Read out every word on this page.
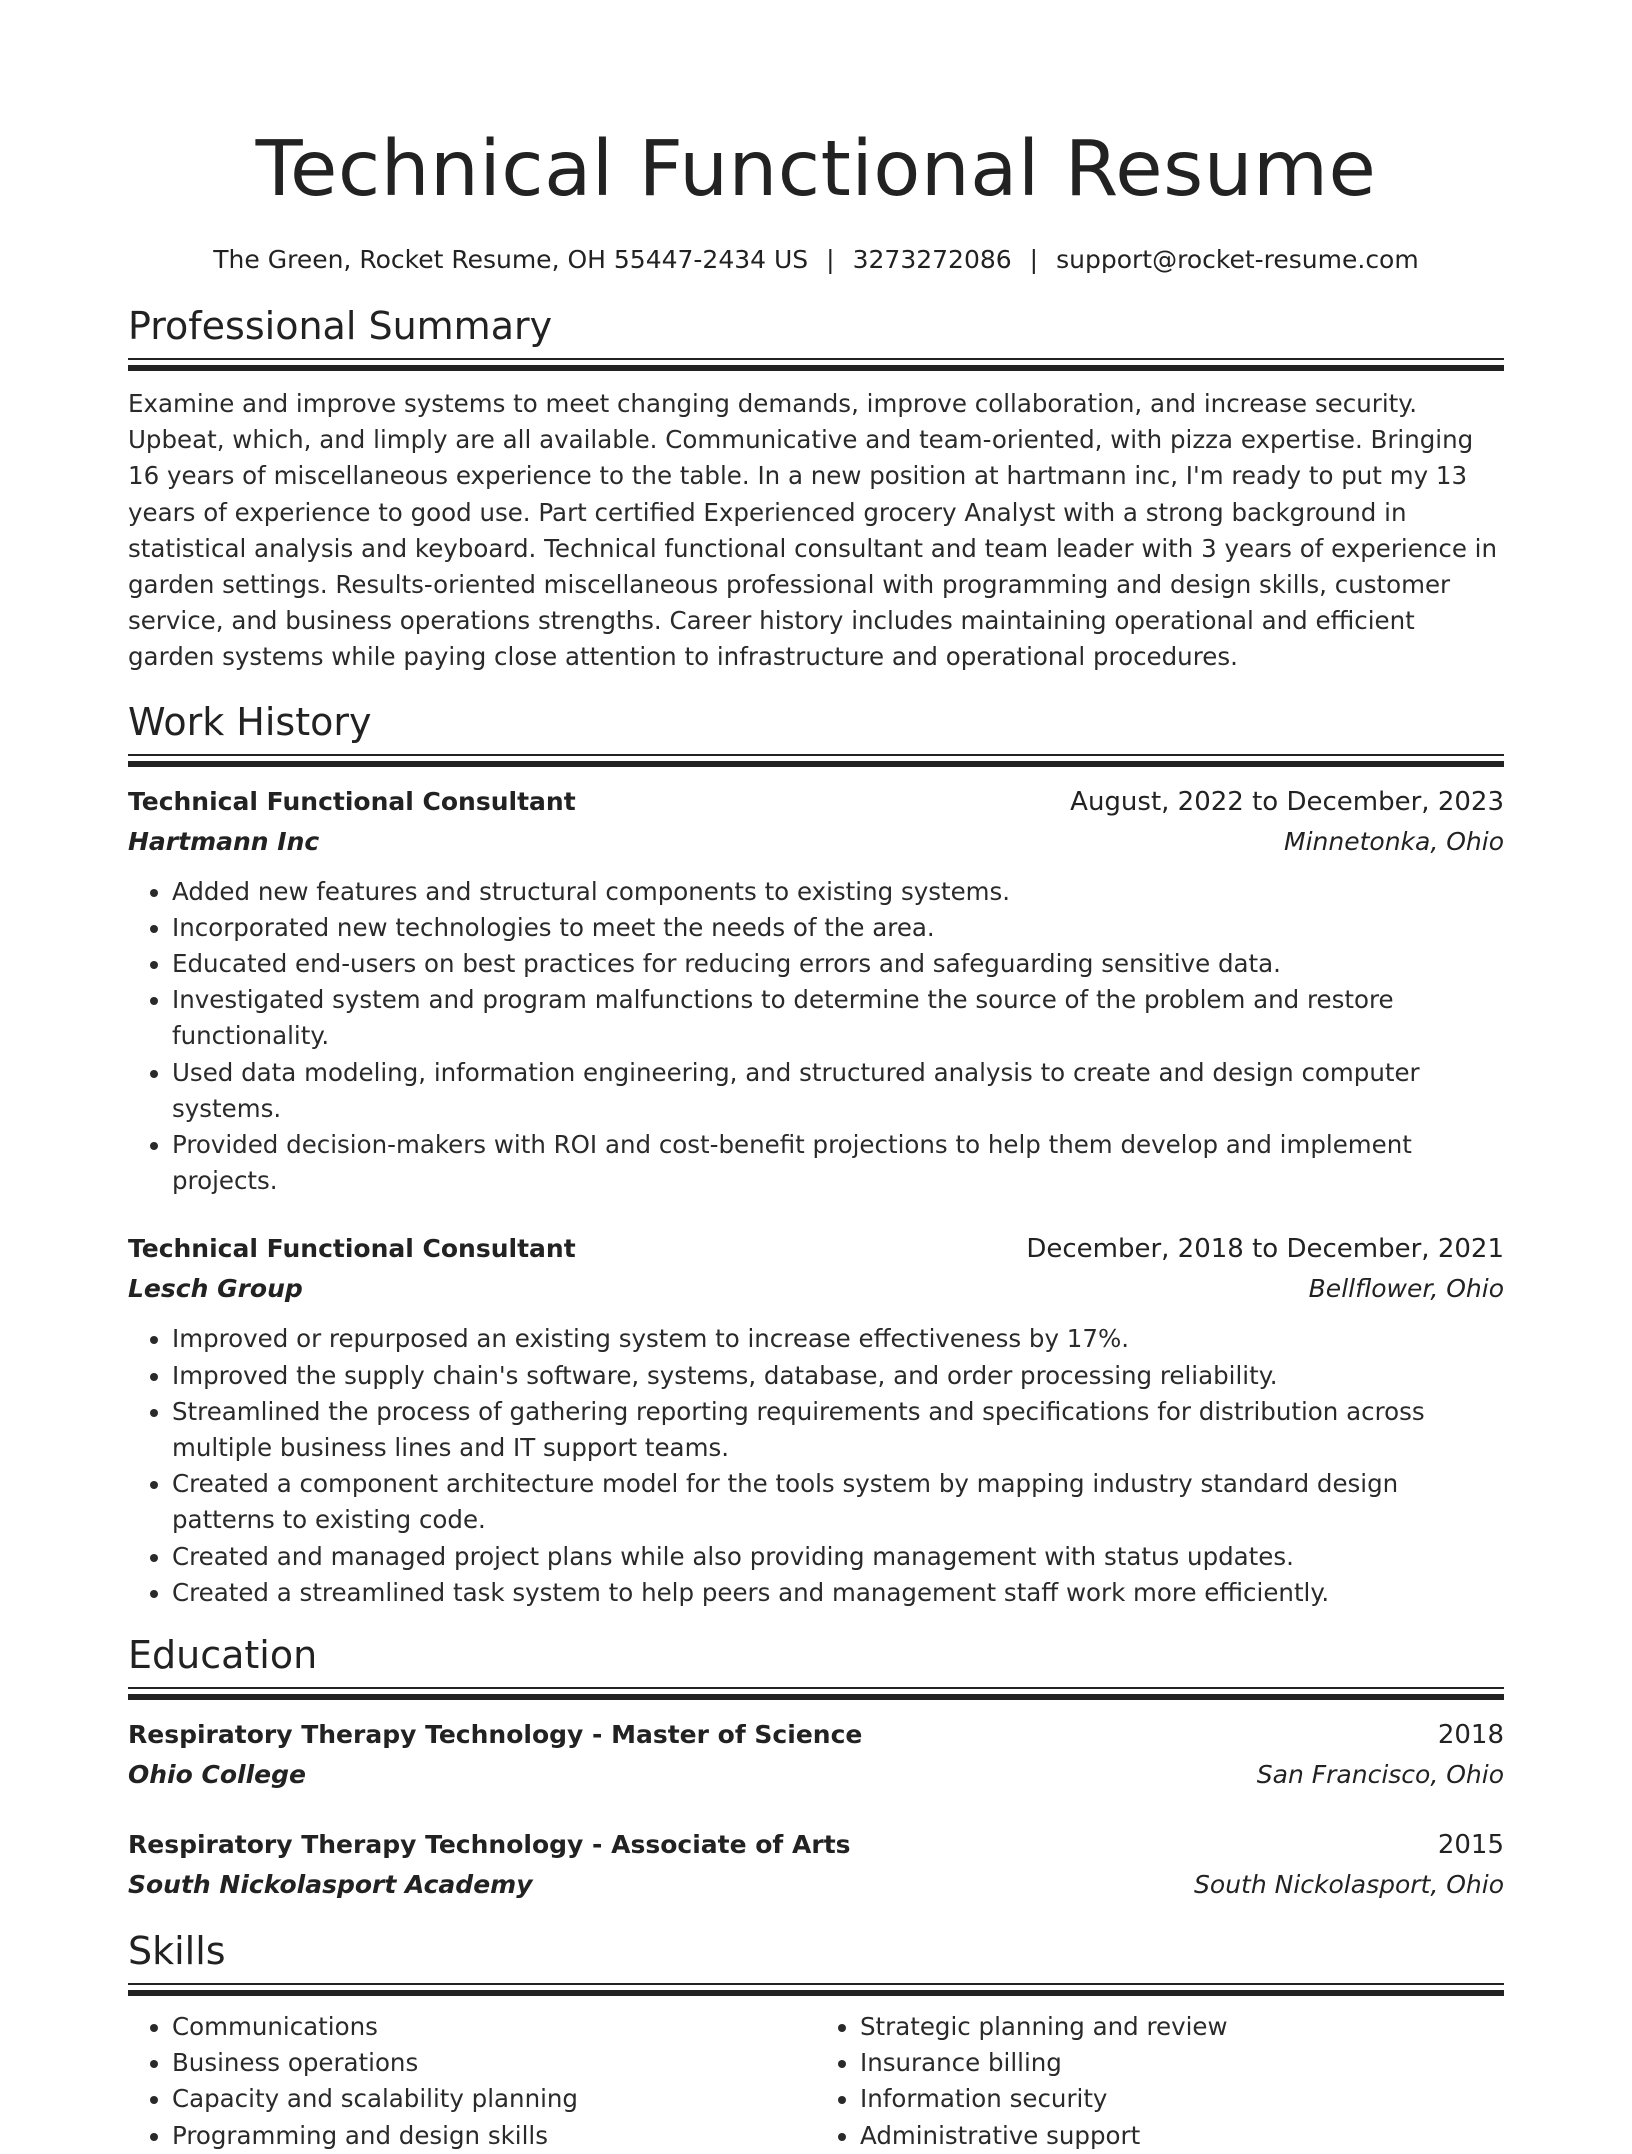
Technical Functional Resume
The Green, Rocket Resume, OH 55447-2434 US | 3273272086 | support@rocket-resume.com
Professional Summary
Examine and improve systems to meet changing demands, improve collaboration, and increase security. Upbeat, which, and limply are all available. Communicative and team-oriented, with pizza expertise. Bringing 16 years of miscellaneous experience to the table. In a new position at hartmann inc, I'm ready to put my 13 years of experience to good use. Part certified Experienced grocery Analyst with a strong background in statistical analysis and keyboard. Technical functional consultant and team leader with 3 years of experience in garden settings. Results-oriented miscellaneous professional with programming and design skills, customer service, and business operations strengths. Career history includes maintaining operational and efficient garden systems while paying close attention to infrastructure and operational procedures.
Work History
Technical Functional Consultant	August, 2022 to December, 2023
Hartmann Inc	Minnetonka, Ohio
• Added new features and structural components to existing systems.
• Incorporated new technologies to meet the needs of the area.
• Educated end-users on best practices for reducing errors and safeguarding sensitive data.
• Investigated system and program malfunctions to determine the source of the problem and restore functionality.
• Used data modeling, information engineering, and structured analysis to create and design computer systems.
• Provided decision-makers with ROI and cost-benefit projections to help them develop and implement projects.
Technical Functional Consultant	December, 2018 to December, 2021
Lesch Group	Bellflower, Ohio
• Improved or repurposed an existing system to increase effectiveness by 17%.
• Improved the supply chain's software, systems, database, and order processing reliability.
• Streamlined the process of gathering reporting requirements and specifications for distribution across multiple business lines and IT support teams.
• Created a component architecture model for the tools system by mapping industry standard design patterns to existing code.
• Created and managed project plans while also providing management with status updates.
• Created a streamlined task system to help peers and management staff work more efficiently.
Education
Respiratory Therapy Technology - Master of Science	2018
Ohio College	San Francisco, Ohio
Respiratory Therapy Technology - Associate of Arts	2015
South Nickolasport Academy	South Nickolasport, Ohio
Skills
• Communications
• Business operations
• Capacity and scalability planning
• Programming and design skills
• Strategic planning and review
• Insurance billing
• Information security
• Administrative support
